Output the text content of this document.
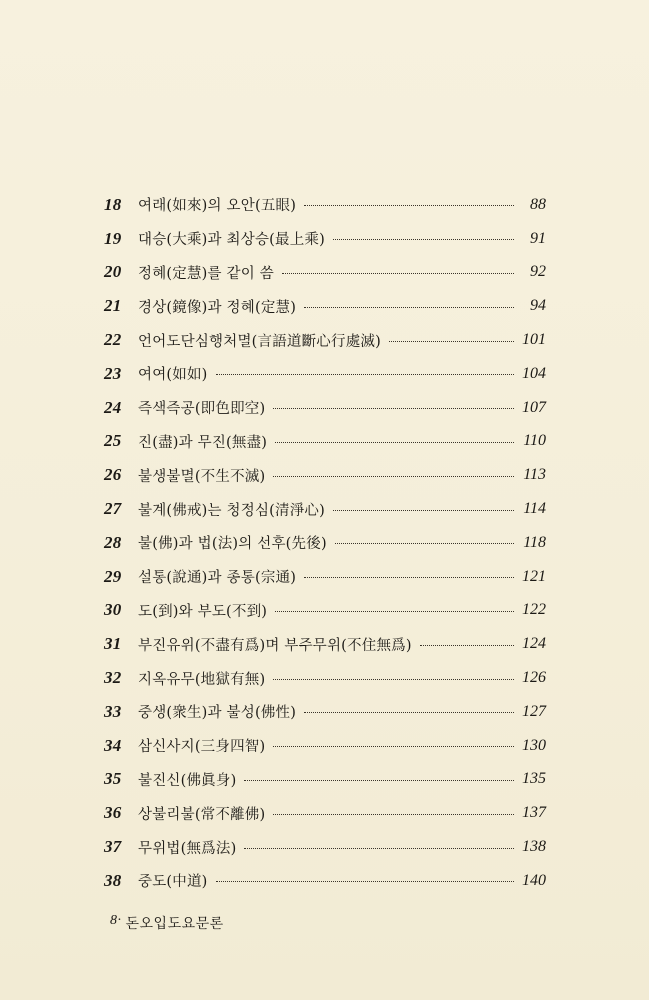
18	여래(如來)의 오안(五眼)	88
19	대승(大乘)과 최상승(最上乘)	91
20	정혜(定慧)를 같이 씀	92
21	경상(鏡像)과 정혜(定慧)	94
22	언어도단심행처멸(言語道斷心行處滅)	101
23	여여(如如)	104
24	즉색즉공(即色即空)	107
25	진(盡)과 무진(無盡)	110
26	불생불멸(不生不滅)	113
27	불계(佛戒)는 청정심(清淨心)	114
28	불(佛)과 법(法)의 선후(先後)	118
29	설통(說通)과 종통(宗通)	121
30	도(到)와 부도(不到)	122
31	부진유위(不盡有爲)며 부주무위(不住無爲)	124
32	지옥유무(地獄有無)	126
33	중생(衆生)과 불성(佛性)	127
34	삼신사지(三身四智)	130
35	불진신(佛眞身)	135
36	상불리불(常不離佛)	137
37	무위법(無爲法)	138
38	중도(中道)	140
8· 돈오입도요문론
